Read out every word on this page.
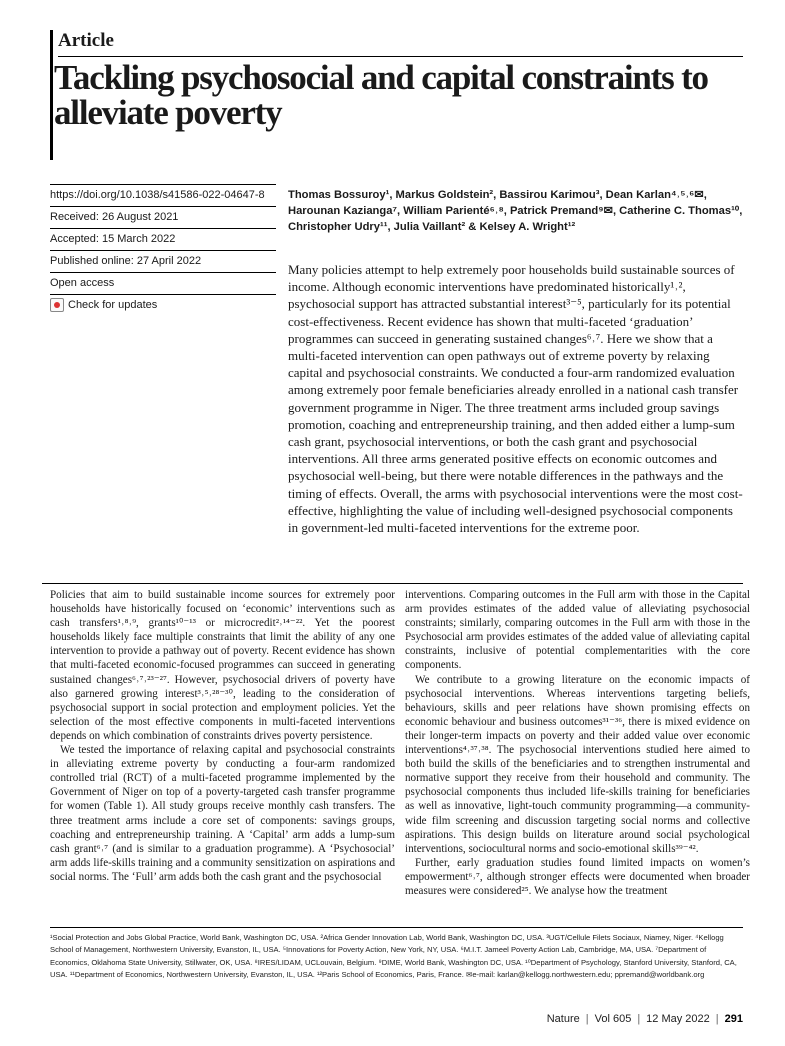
Article
Tackling psychosocial and capital constraints to alleviate poverty
https://doi.org/10.1038/s41586-022-04647-8
Received: 26 August 2021
Accepted: 15 March 2022
Published online: 27 April 2022
Open access
Check for updates
Thomas Bossuroy¹, Markus Goldstein², Bassirou Karimou³, Dean Karlan⁴˒⁵˒⁶✉, Harounan Kazianga⁷, William Parienté⁶˒⁸, Patrick Premand⁹✉, Catherine C. Thomas¹⁰, Christopher Udry¹¹, Julia Vaillant² & Kelsey A. Wright¹²

Many policies attempt to help extremely poor households build sustainable sources of income. Although economic interventions have predominated historically¹˒², psychosocial support has attracted substantial interest³⁻⁵, particularly for its potential cost-effectiveness. Recent evidence has shown that multi-faceted ‘graduation’ programmes can succeed in generating sustained changes⁶˒⁷. Here we show that a multi-faceted intervention can open pathways out of extreme poverty by relaxing capital and psychosocial constraints. We conducted a four-arm randomized evaluation among extremely poor female beneficiaries already enrolled in a national cash transfer government programme in Niger. The three treatment arms included group savings promotion, coaching and entrepreneurship training, and then added either a lump-sum cash grant, psychosocial interventions, or both the cash grant and psychosocial interventions. All three arms generated positive effects on economic outcomes and psychosocial well-being, but there were notable differences in the pathways and the timing of effects. Overall, the arms with psychosocial interventions were the most cost-effective, highlighting the value of including well-designed psychosocial components in government-led multi-faceted interventions for the extreme poor.

Policies that aim to build sustainable income sources for extremely poor households have historically focused on ‘economic’ interventions such as cash transfers¹˒⁸˒⁹, grants¹⁰⁻¹³ or microcredit²˒¹⁴⁻²². Yet the poorest households likely face multiple constraints that limit the ability of any one intervention to provide a pathway out of poverty. Recent evidence has shown that multi-faceted economic-focused programmes can succeed in generating sustained changes⁶˒⁷˒²³⁻²⁷. However, psychosocial drivers of poverty have also garnered growing interest³˒⁵˒²⁸⁻³⁰, leading to the consideration of psychosocial support in social protection and employment policies. Yet the selection of the most effective components in multi-faceted interventions depends on which combination of constraints drives poverty persistence.

We tested the importance of relaxing capital and psychosocial constraints in alleviating extreme poverty by conducting a four-arm randomized controlled trial (RCT) of a multi-faceted programme implemented by the Government of Niger on top of a poverty-targeted cash transfer programme for women (Table 1). All study groups receive monthly cash transfers. The three treatment arms include a core set of components: savings groups, coaching and entrepreneurship training. A ‘Capital’ arm adds a lump-sum cash grant⁶˒⁷ (and is similar to a graduation programme). A ‘Psychosocial’ arm adds life-skills training and a community sensitization on aspirations and social norms. The ‘Full’ arm adds both the cash grant and the psychosocial

interventions. Comparing outcomes in the Full arm with those in the Capital arm provides estimates of the added value of alleviating psychosocial constraints; similarly, comparing outcomes in the Full arm with those in the Psychosocial arm provides estimates of the added value of alleviating capital constraints, inclusive of potential complementarities with the core components.

We contribute to a growing literature on the economic impacts of psychosocial interventions. Whereas interventions targeting beliefs, behaviours, skills and peer relations have shown promising effects on economic behaviour and business outcomes³¹⁻³⁶, there is mixed evidence on their longer-term impacts on poverty and their added value over economic interventions⁴˒³⁷˒³⁸. The psychosocial interventions studied here aimed to both build the skills of the beneficiaries and to strengthen instrumental and normative support they receive from their household and community. The psychosocial components thus included life-skills training for beneficiaries as well as innovative, light-touch community programming—a community-wide film screening and discussion targeting social norms and collective aspirations. This design builds on literature around social psychological interventions, sociocultural norms and socio-emotional skills³⁹⁻⁴².

Further, early graduation studies found limited impacts on women’s empowerment⁶˒⁷, although stronger effects were documented when broader measures were considered²⁵. We analyse how the treatment

¹Social Protection and Jobs Global Practice, World Bank, Washington DC, USA. ²Africa Gender Innovation Lab, World Bank, Washington DC, USA. ³UGT/Cellule Filets Sociaux, Niamey, Niger. ⁴Kellogg School of Management, Northwestern University, Evanston, IL, USA. ⁵Innovations for Poverty Action, New York, NY, USA. ⁶M.I.T. Jameel Poverty Action Lab, Cambridge, MA, USA. ⁷Department of Economics, Oklahoma State University, Stillwater, OK, USA. ⁸IRES/LIDAM, UCLouvain, Belgium. ⁹DIME, World Bank, Washington DC, USA. ¹⁰Department of Psychology, Stanford University, Stanford, CA, USA. ¹¹Department of Economics, Northwestern University, Evanston, IL, USA. ¹²Paris School of Economics, Paris, France. ✉e-mail: karlan@kellogg.northwestern.edu; ppremand@worldbank.org
Nature | Vol 605 | 12 May 2022 | 291
